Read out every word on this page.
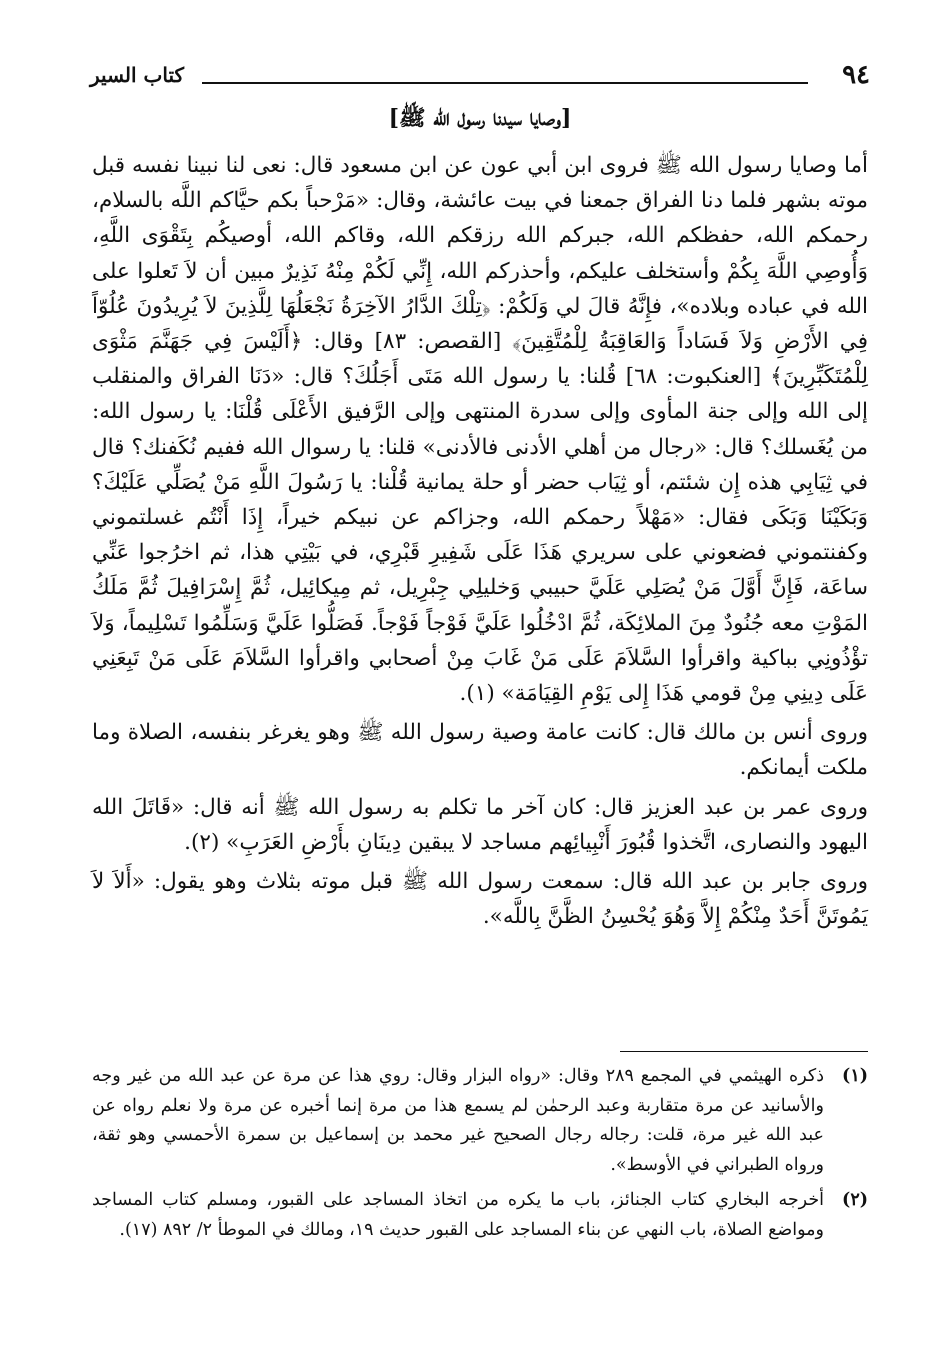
٩٤
كتاب السير
[وصايا سيدنا رسول الله ﷺ]

أما وصايا رسول الله ﷺ فروى ابن أبي عون عن ابن مسعود قال: نعى لنا نبينا نفسه قبل موته بشهر فلما دنا الفراق جمعنا في بيت عائشة، وقال: «مَرْحباً بكم حيَّاكم اللَّه بالسلام، رحمكم الله، حفظكم الله، جبركم الله رزقكم الله، وقاكم الله، أوصيكُم بِتَقْوَى اللَّهِ، وَأُوصِي اللَّهَ بِكُمْ وأستخلف عليكم، وأحذركم الله، إِنِّي لَكُمْ مِنْهُ نَذِيرٌ مبين أن لاَ تَعلوا على الله في عباده وبلاده»، فإِنَّهُ قالَ لي وَلَكُمْ: ﴿تِلْكَ الدَّارُ الآخِرَةُ نَجْعَلُهَا لِلَّذِينَ لاَ يُرِيدُونَ عُلُوّاً فِي الأَرْضِ وَلاَ فَسَاداً وَالعَاقِبَةُ لِلْمُتَّقِينَ﴾ [القصص: ٨٣] وقال: ﴿أَلَيْسَ فِي جَهَنَّمَ مَثْوَى لِلْمُتَكَبِّرِينَ﴾ [العنكبوت: ٦٨] قُلنا: يا رسول الله مَتَى أَجَلُكَ؟ قال: «دَنَا الفراق والمنقلب إلى الله وإلى جنة المأوى وإلى سدرة المنتهى وإلى الرَّفيق الأَعْلَى قُلْنَا: يا رسول الله: من يُغَسلك؟ قال: «رجال من أهلي الأدنى فالأدنى» قلنا: يا رسوال الله ففيم نُكَفنك؟ قال في ثِيَابِي هذه إِن شئتم، أو ثِيَاب حضر أو حلة يمانية قُلْنا: يا رَسُولَ اللَّهِ مَنْ يُصَلِّي عَلَيْكَ؟ وَبَكَيْنَا وَبَكَى فقال: «مَهْلاً رحمكم الله، وجزاكم عن نبيكم خيراً، إِذَا أَنْتُم غسلتموني وكفنتموني فضعوني على سريري هَذَا عَلَى شَفِيرِ قَبْرِي، في بَيْتِي هذا، ثم اخرُجوا عَنِّي ساعَة، فَإِنَّ أَوَّلَ مَنْ يُصَلِي عَلَيَّ حبيبي وَخليلِي جِبْرِيل، ثم مِيكائِيل، ثُمَّ إِسْرَافِيلَ ثُمَّ مَلَكُ المَوْتِ معه جُنُودٌ مِنَ الملائِكَة، ثُمَّ ادْخُلُوا عَلَيَّ فَوْجاً فَوْجاً. فَصَلُّوا عَلَيَّ وَسَلِّمُوا تَسْلِيماً، وَلاَ تؤْذُونِي بباكية واقرأوا السَّلاَمَ عَلَى مَنْ غَابَ مِنْ أصحابي واقرأوا السَّلاَمَ عَلَى مَنْ تَبِعَنِي عَلَى دِينِي مِنْ قومي هَذَا إِلى يَوْمِ القِيَامَة» (١).

وروى أنس بن مالك قال: كانت عامة وصية رسول الله ﷺ وهو يغرغر بنفسه، الصلاة وما ملكت أيمانكم.

وروى عمر بن عبد العزيز قال: كان آخر ما تكلم به رسول الله ﷺ أنه قال: «قَاتَلَ الله اليهود والنصارى، اتَّخذوا قُبُورَ أَنْبِيائِهم مساجد لا يبقين دِينَانِ بأَرْضِ العَرَبِ» (٢).

وروى جابر بن عبد الله قال: سمعت رسول الله ﷺ قبل موته بثلاث وهو يقول: «أَلاَ لاَ يَمُوتَنَّ أَحَدٌ مِنْكُمْ إِلاَّ وَهُوَ يُحْسِنُ الظَّنَّ بِاللَّه».

(١)
ذكره الهيثمي في المجمع ٢٨٩ وقال: «رواه البزار وقال: روي هذا عن مرة عن عبد الله من غير وجه والأسانيد عن مرة متقاربة وعبد الرحمٰن لم يسمع هذا من مرة إنما أخبره عن مرة ولا نعلم رواه عن عبد الله غير مرة، قلت: رجاله رجال الصحيح غير محمد بن إسماعيل بن سمرة الأحمسي وهو ثقة، ورواه الطبراني في الأوسط».
(٢)
أخرجه البخاري كتاب الجنائز، باب ما يكره من اتخاذ المساجد على القبور، ومسلم كتاب المساجد ومواضع الصلاة، باب النهي عن بناء المساجد على القبور حديث ١٩، ومالك في الموطأ ٢/ ٨٩٢ (١٧).
